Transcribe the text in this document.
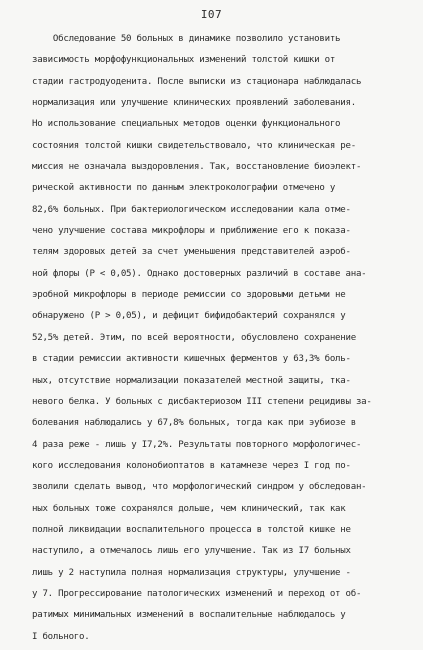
I07
Обследование 50 больных в динамике позволило установить
зависимость морфофункциональных изменений толстой кишки от
стадии гастродуоденита. После выписки из стационара наблюдалась
нормализация или улучшение клинических проявлений заболевания.
Но использование специальных методов оценки функционального
состояния толстой кишки свидетельствовало, что клиническая ре-
миссия не означала выздоровления. Так, восстановление биоэлект-
рической активности по данным электроколографии отмечено у
82,6% больных. При бактериологическом исследовании кала отме-
чено улучшение состава микрофлоры и приближение его к показа-
телям здоровых детей за счет уменьшения представителей аэроб-
ной флоры (P < 0,05). Однако достоверных различий в составе ана-
эробной микрофлоры в периоде ремиссии со здоровыми детьми не
обнаружено (P > 0,05), и дефицит бифидобактерий сохранялся у
52,5% детей. Этим, по всей вероятности, обусловлено сохранение
в стадии ремиссии активности кишечных ферментов у 63,3% боль-
ных, отсутствие нормализации показателей местной защиты, тка-
невого белка. У больных с дисбактериозом III степени рецидивы за-
болевания наблюдались у 67,8% больных, тогда как при эубиозе в
4 раза реже - лишь у I7,2%. Результаты повторного морфологичес-
кого исследования колонобиоптатов в катамнезе через I год по-
зволили сделать вывод, что морфологический синдром у обследован-
ных больных тоже сохранялся дольше, чем клинический, так как
полной ликвидации воспалительного процесса в толстой кишке не
наступило, а отмечалось лишь его улучшение. Так из I7 больных
лишь у 2 наступила полная нормализация структуры, улучшение -
у 7. Прогрессирование патологических изменений и переход от об-
ратимых минимальных изменений в воспалительные наблюдалось у
I больного.
